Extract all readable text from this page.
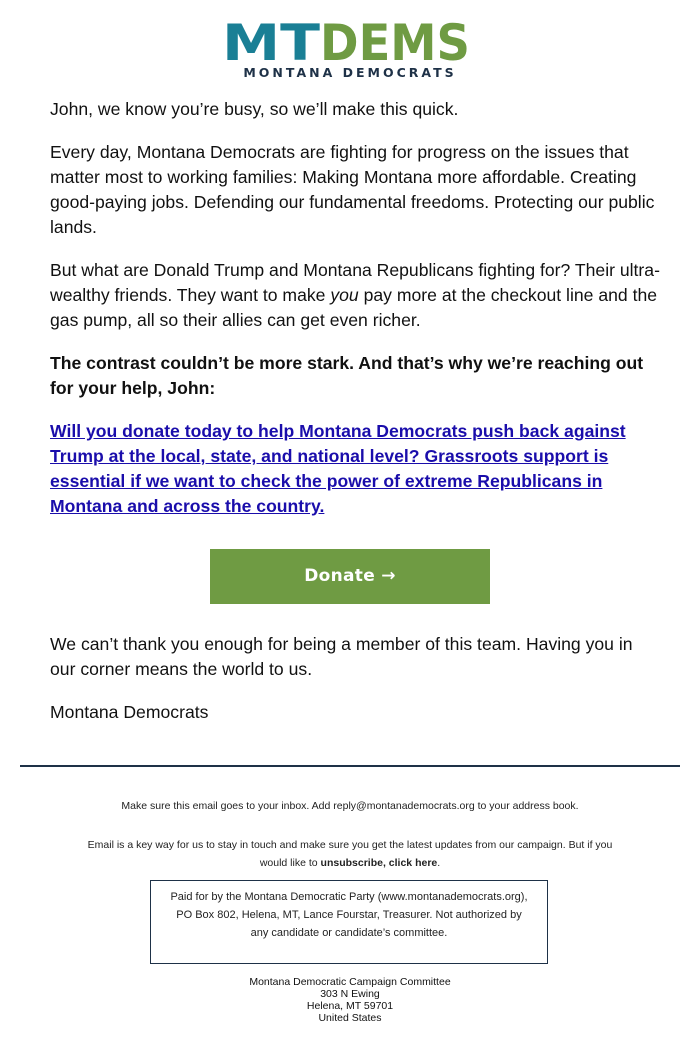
MT DEMS
MONTANA DEMOCRATS

John, we know you’re busy, so we’ll make this quick.

Every day, Montana Democrats are fighting for progress on the issues that matter most to working families: Making Montana more affordable. Creating good-paying jobs. Defending our fundamental freedoms. Protecting our public lands.

But what are Donald Trump and Montana Republicans fighting for? Their ultra-wealthy friends. They want to make you pay more at the checkout line and the gas pump, all so their allies can get even richer.

The contrast couldn’t be more stark. And that’s why we’re reaching out for your help, John:

Will you donate today to help Montana Democrats push back against Trump at the local, state, and national level? Grassroots support is essential if we want to check the power of extreme Republicans in Montana and across the country.

Donate →

We can’t thank you enough for being a member of this team. Having you in our corner means the world to us.

Montana Democrats

Make sure this email goes to your inbox. Add reply@montanademocrats.org to your address book.
Email is a key way for us to stay in touch and make sure you get the latest updates from our campaign. But if you would like to unsubscribe, click here.
Paid for by the Montana Democratic Party (www.montanademocrats.org), PO Box 802, Helena, MT, Lance Fourstar, Treasurer. Not authorized by any candidate or candidate’s committee.
Montana Democratic Campaign Committee
303 N Ewing
Helena, MT 59701
United States
